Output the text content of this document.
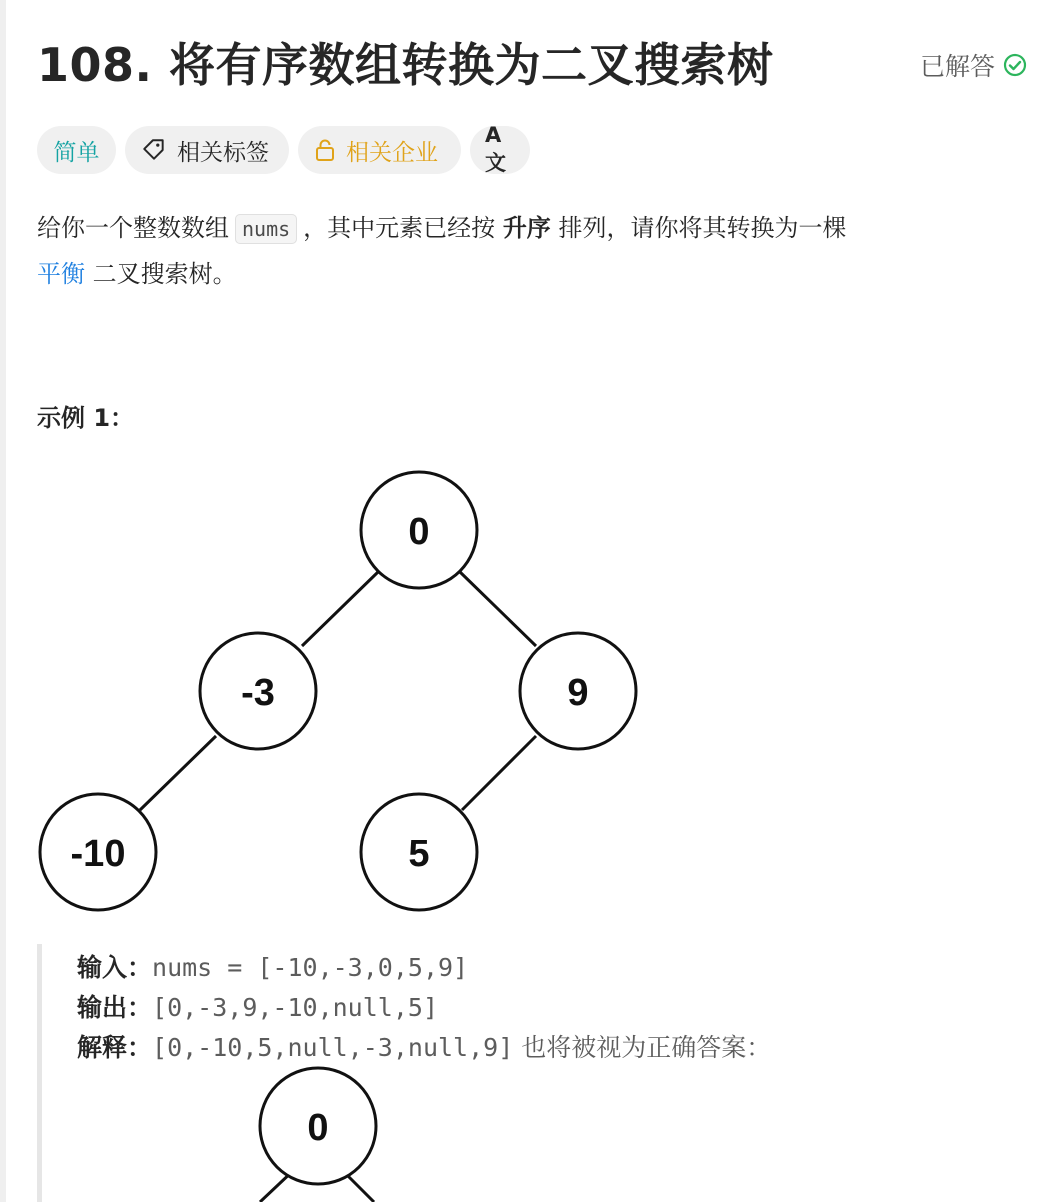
108. 将有序数组转换为二叉搜索树	已解答
简单	相关标签	相关企业
A文
给你一个整数数组 nums ，其中元素已经按 升序 排列，请你将其转换为一棵
平衡 二叉搜索树。
示例 1：
0
-3	9
-10	5
输入：nums = [-10,-3,0,5,9]
输出：[0,-3,9,-10,null,5]
解释：[0,-10,5,null,-3,null,9] 也将被视为正确答案：
0
